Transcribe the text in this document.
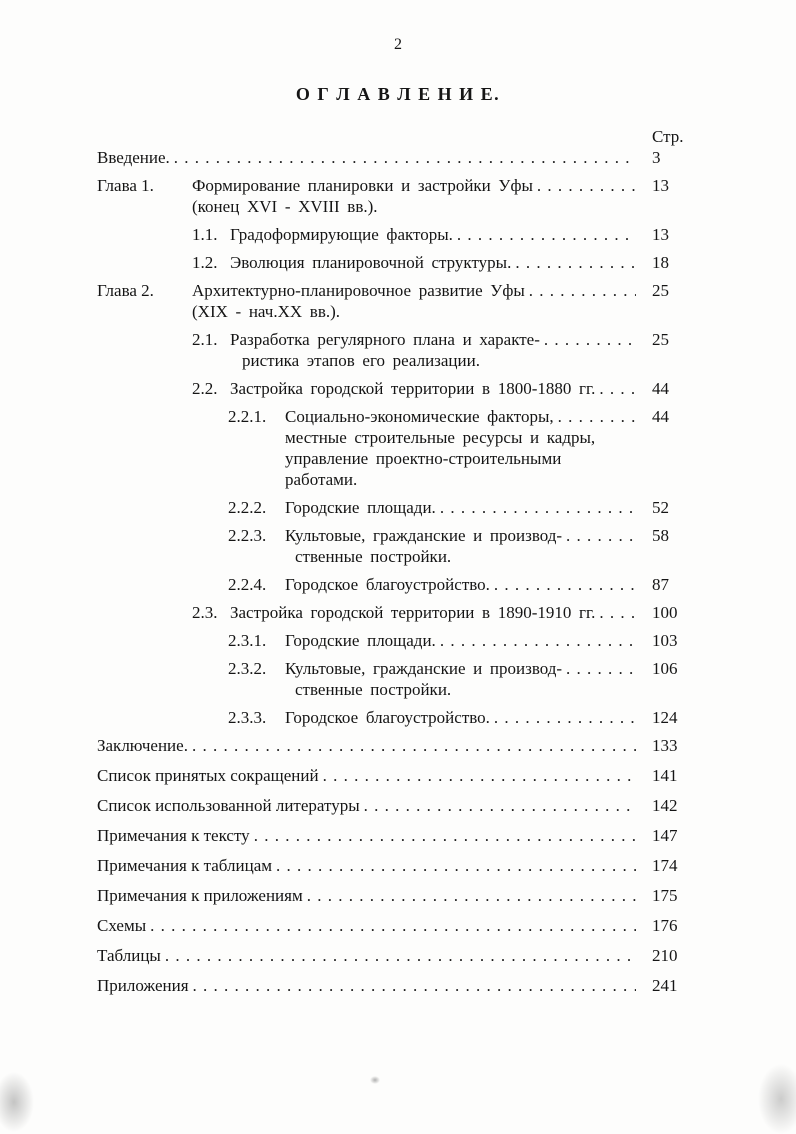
2
О Г Л А В Л Е Н И Е.
Стр.
Введение. . . .	3
Глава 1.	Формирование планировки и застройки Уфы . . .	13
(конец XVI - XVIII вв.).
1.1. Градоформирующие факторы. . . .	13
1.2. Эволюция планировочной структуры. . . .	18
Глава 2.	Архитектурно-планировочное развитие Уфы . . .	25
(XIX - нач.XX вв.).
2.1. Разработка регулярного плана и характе- . . .	25
ристика этапов его реализации.
2.2. Застройка городской территории в 1800-1880 гг. . . .	44
2.2.1.	Социально-экономические факторы, . . .	44
местные строительные ресурсы и кадры,
управление проектно-строительными
работами.
2.2.2.	Городские площади. . . .	52
2.2.3.	Культовые, гражданские и производ- . . .	58
ственные постройки.
2.2.4.	Городское благоустройство. . . .	87
2.3. Застройка городской территории в 1890-1910 гг. . . .	100
2.3.1.	Городские площади. . . .	103
2.3.2.	Культовые, гражданские и производ- . . .	106
ственные постройки.
2.3.3.	Городское благоустройство. . . .	124
Заключение. . . .	133
Список принятых сокращений . . .	141
Список использованной литературы . . .	142
Примечания к тексту . . .	147
Примечания к таблицам . . .	174
Примечания к приложениям . . .	175
Схемы . . .	176
Таблицы . . .	210
Приложения . . .	241
